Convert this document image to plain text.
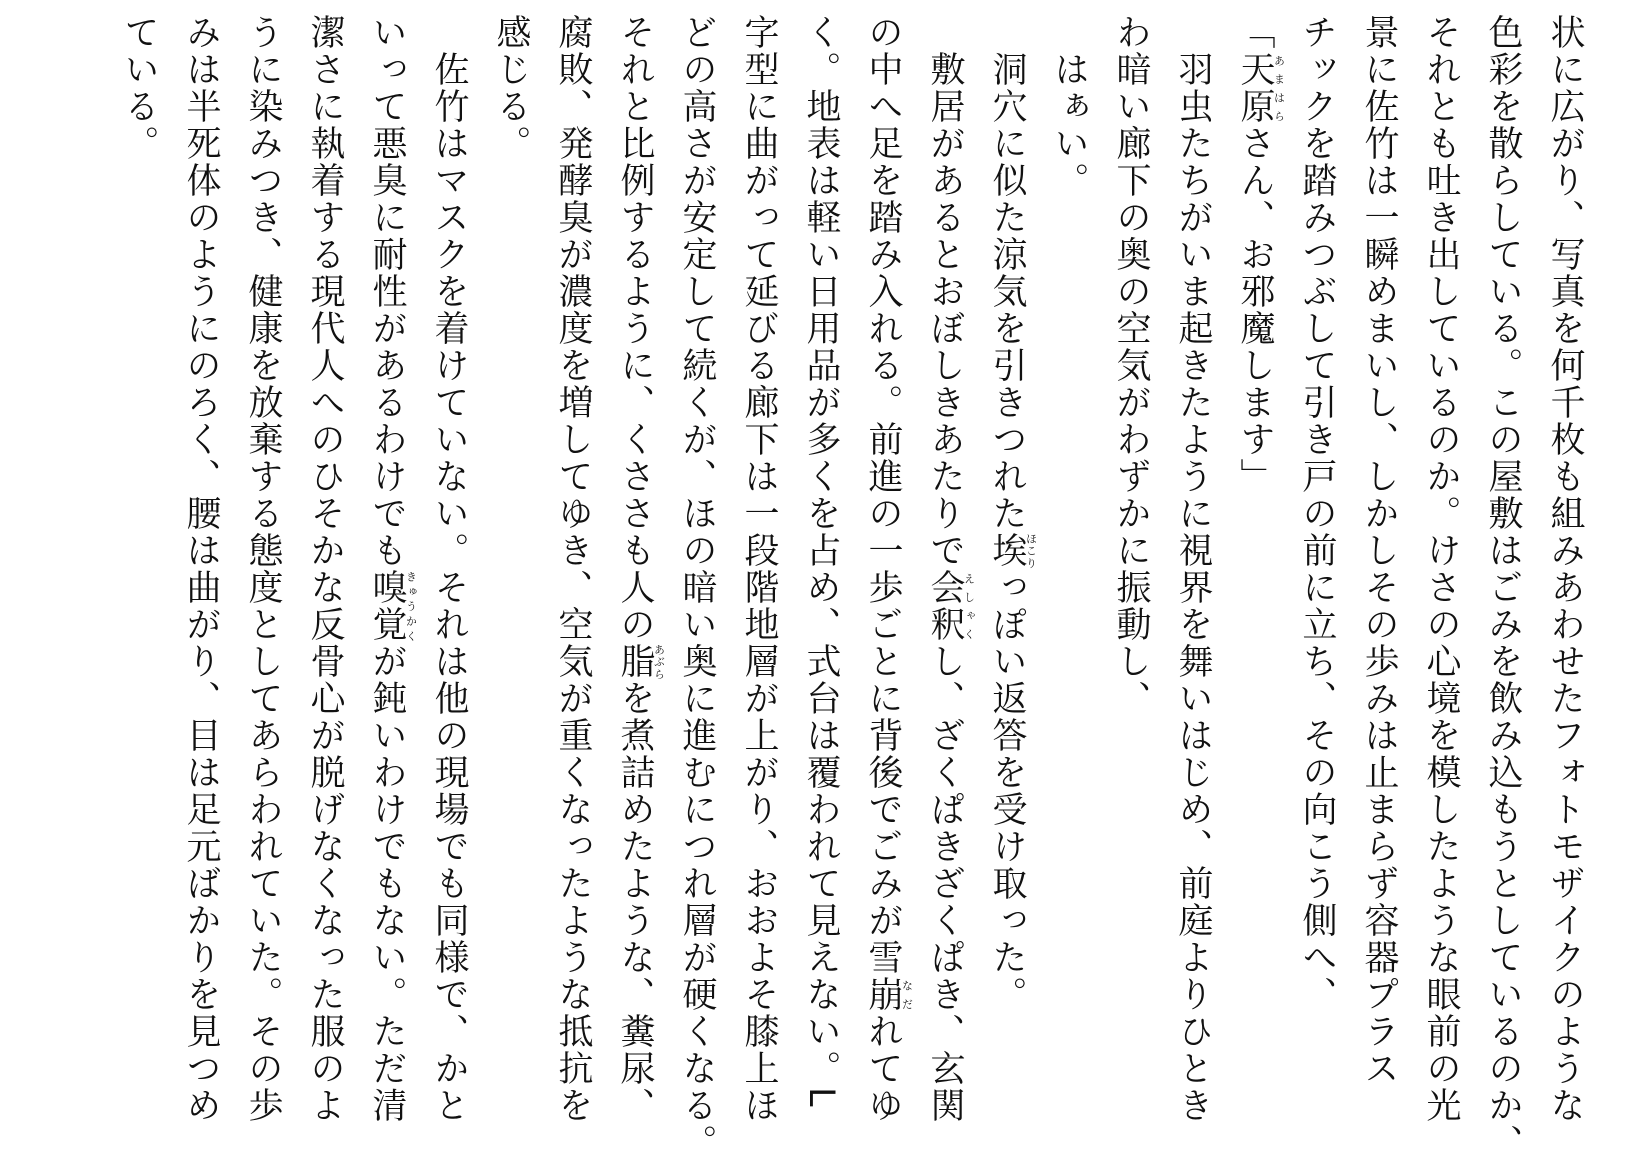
状に広がり、写真を何千枚も組みあわせたフォトモザイクのような
色彩を散らしている。この屋敷はごみを飲み込もうとしているのか、
それとも吐き出しているのか。けさの心境を模したような眼前の光
景に佐竹は一瞬めまいし、しかしその歩みは止まらず容器プラス
チックを踏みつぶして引き戸の前に立ち、その向こう側へ、
「天原あまはらさん、お邪魔します」
　羽虫たちがいま起きたように視界を舞いはじめ、前庭よりひとき
わ暗い廊下の奥の空気がわずかに振動し、
　はぁい。
　洞穴に似た涼気を引きつれた埃ほこりっぽい返答を受け取った。
　敷居があるとおぼしきあたりで会釈えしゃくし、ざくぱきざくぱき、玄関
の中へ足を踏み入れる。前進の一歩ごとに背後でごみが雪崩なだれてゆ
く。地表は軽い日用品が多くを占め、式台は覆われて見えない。L
字型に曲がって延びる廊下は一段階地層が上がり、おおよそ膝上ほ
どの高さが安定して続くが、ほの暗い奥に進むにつれ層が硬くなる。
それと比例するように、くささも人の脂あぶらを煮詰めたような、糞尿、
腐敗、発酵臭が濃度を増してゆき、空気が重くなったような抵抗を
感じる。
　佐竹はマスクを着けていない。それは他の現場でも同様で、かと
いって悪臭に耐性があるわけでも嗅覚きゅうかくが鈍いわけでもない。ただ清
潔さに執着する現代人へのひそかな反骨心が脱げなくなった服のよ
うに染みつき、健康を放棄する態度としてあらわれていた。その歩
みは半死体のようにのろく、腰は曲がり、目は足元ばかりを見つめ
ている。
